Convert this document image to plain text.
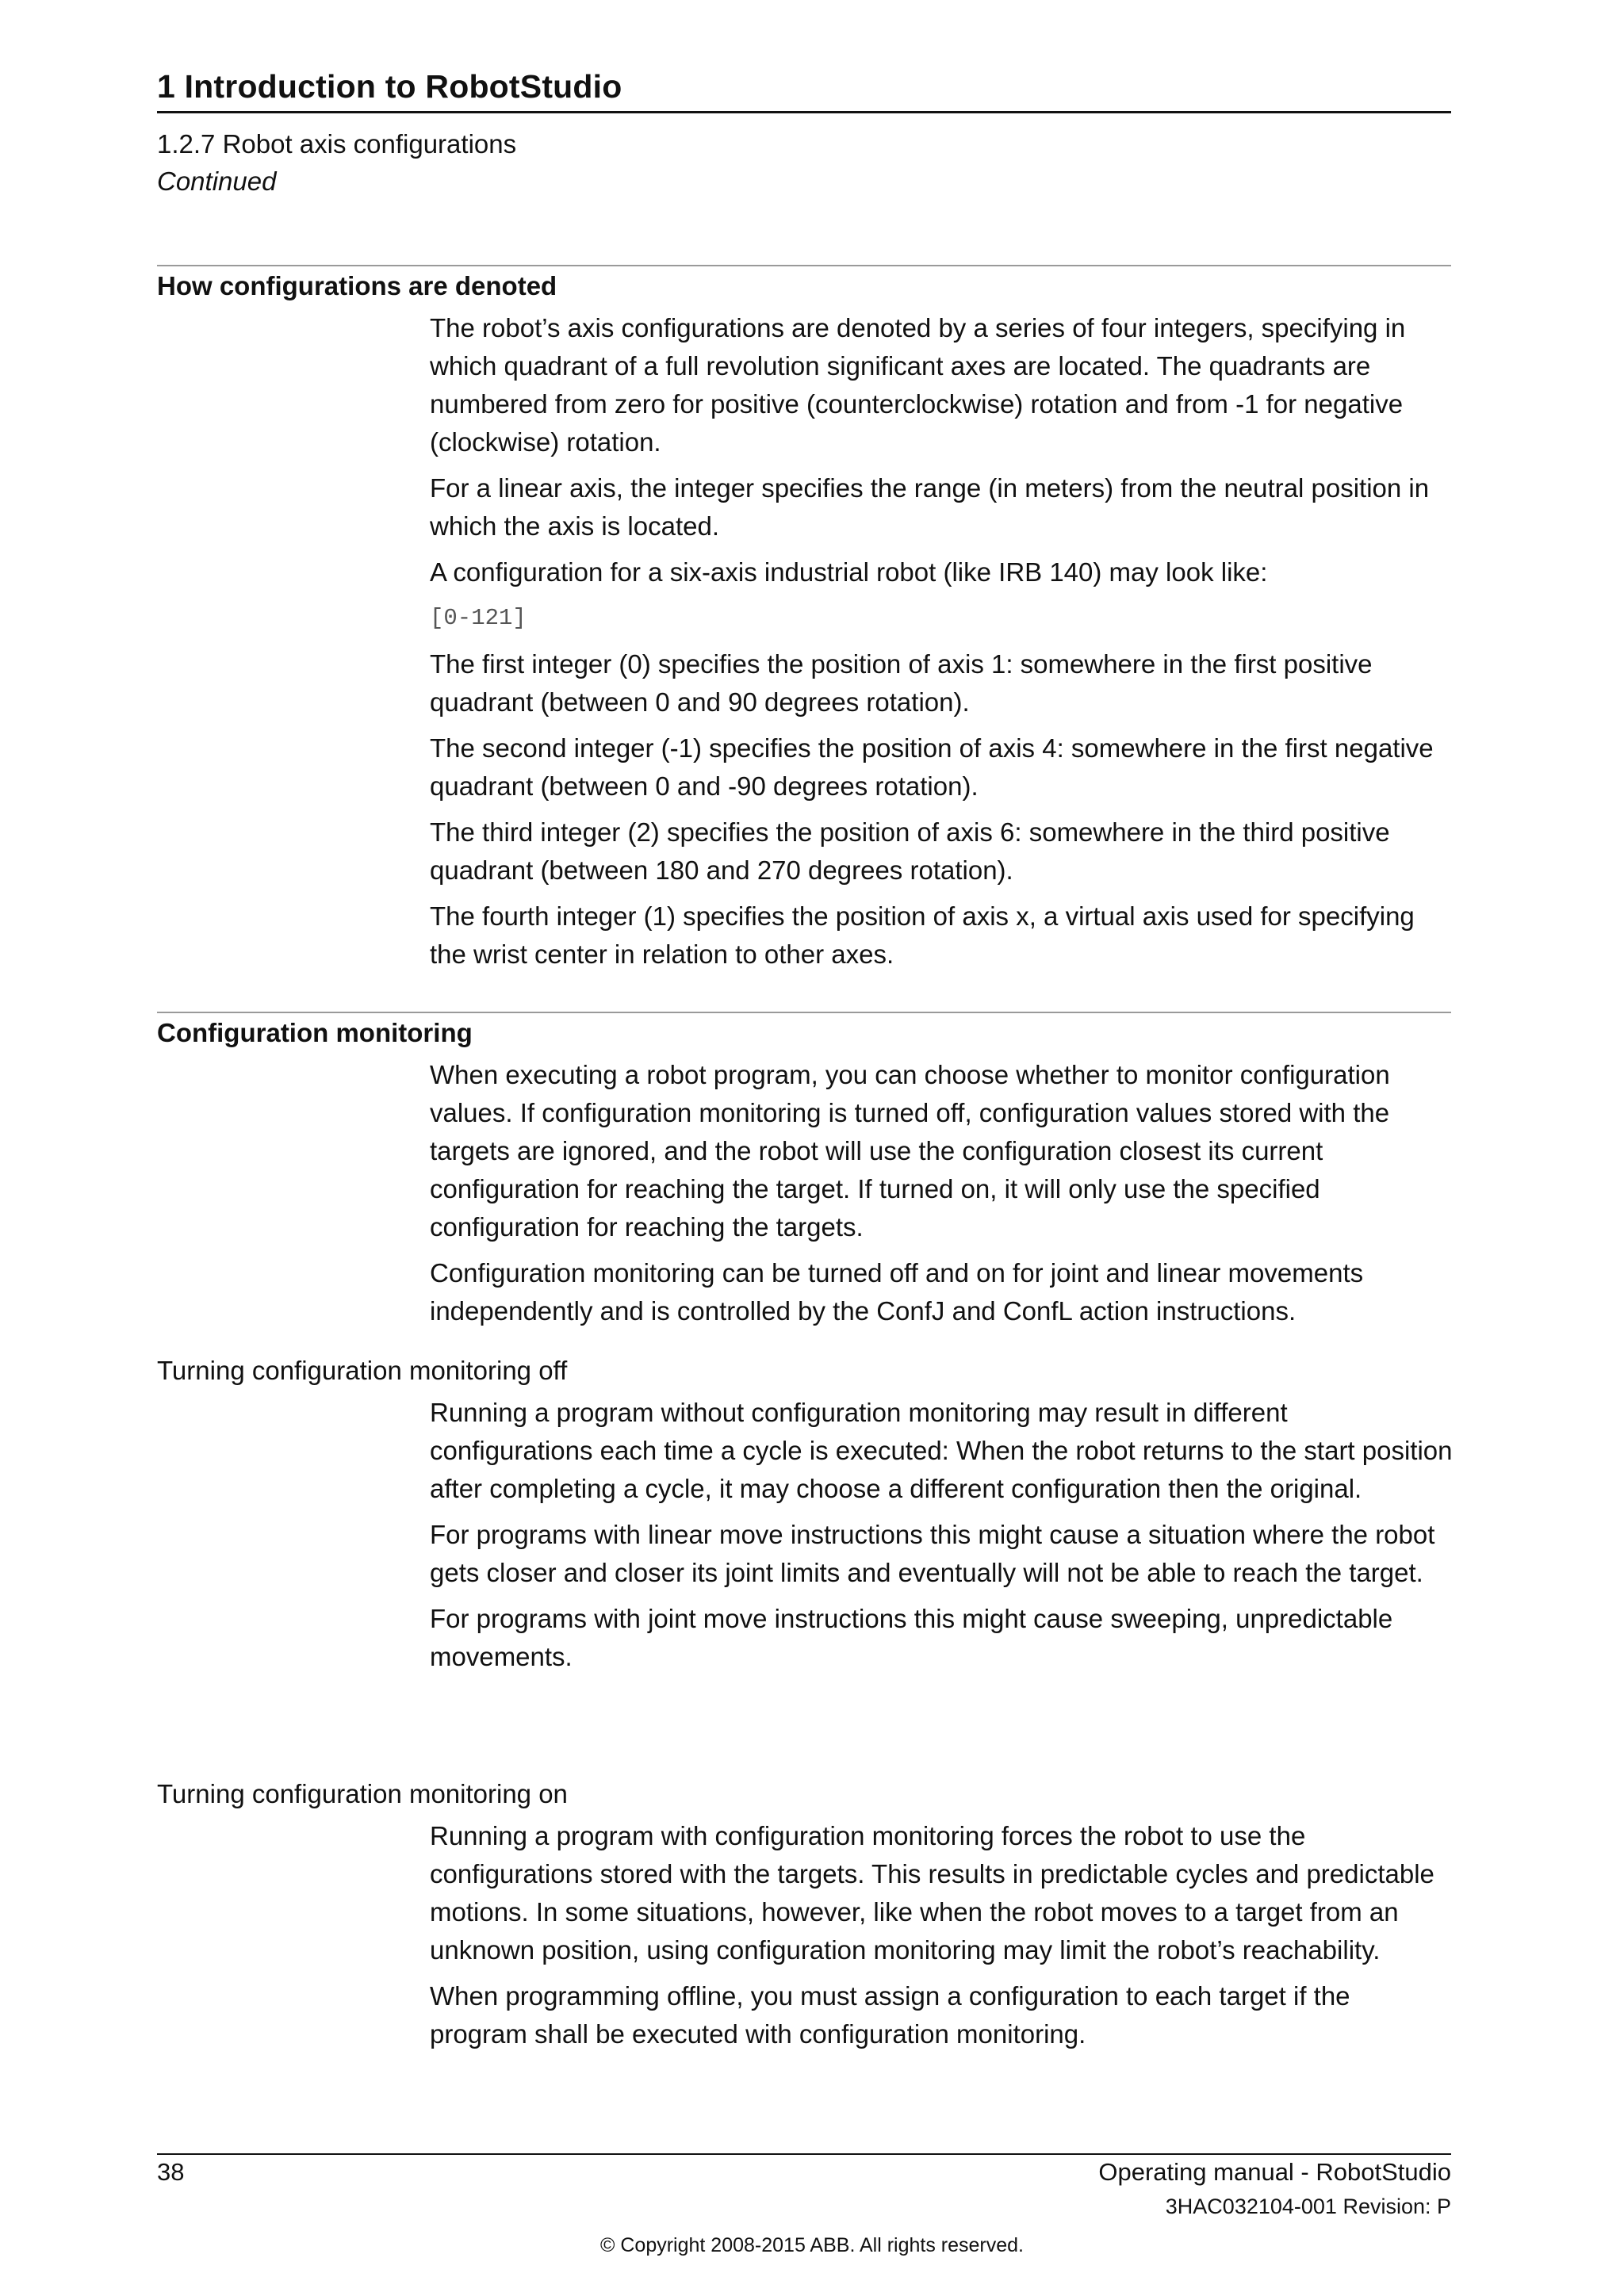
1 Introduction to RobotStudio
1.2.7 Robot axis configurations
Continued
How configurations are denoted

The robot’s axis configurations are denoted by a series of four integers, specifying in which quadrant of a full revolution significant axes are located. The quadrants are numbered from zero for positive (counterclockwise) rotation and from -1 for negative (clockwise) rotation.

For a linear axis, the integer specifies the range (in meters) from the neutral position in which the axis is located.

A configuration for a six-axis industrial robot (like IRB 140) may look like:

[0-121]

The first integer (0) specifies the position of axis 1: somewhere in the first positive quadrant (between 0 and 90 degrees rotation).

The second integer (-1) specifies the position of axis 4: somewhere in the first negative quadrant (between 0 and -90 degrees rotation).

The third integer (2) specifies the position of axis 6: somewhere in the third positive quadrant (between 180 and 270 degrees rotation).

The fourth integer (1) specifies the position of axis x, a virtual axis used for specifying the wrist center in relation to other axes.

Configuration monitoring

When executing a robot program, you can choose whether to monitor configuration values. If configuration monitoring is turned off, configuration values stored with the targets are ignored, and the robot will use the configuration closest its current configuration for reaching the target. If turned on, it will only use the specified configuration for reaching the targets.

Configuration monitoring can be turned off and on for joint and linear movements independently and is controlled by the ConfJ and ConfL action instructions.

Turning configuration monitoring off

Running a program without configuration monitoring may result in different configurations each time a cycle is executed: When the robot returns to the start position after completing a cycle, it may choose a different configuration then the original.

For programs with linear move instructions this might cause a situation where the robot gets closer and closer its joint limits and eventually will not be able to reach the target.

For programs with joint move instructions this might cause sweeping, unpredictable movements.

Turning configuration monitoring on

Running a program with configuration monitoring forces the robot to use the configurations stored with the targets. This results in predictable cycles and predictable motions. In some situations, however, like when the robot moves to a target from an unknown position, using configuration monitoring may limit the robot’s reachability.

When programming offline, you must assign a configuration to each target if the program shall be executed with configuration monitoring.

38	Operating manual - RobotStudio
3HAC032104-001 Revision: P
© Copyright 2008-2015 ABB. All rights reserved.
